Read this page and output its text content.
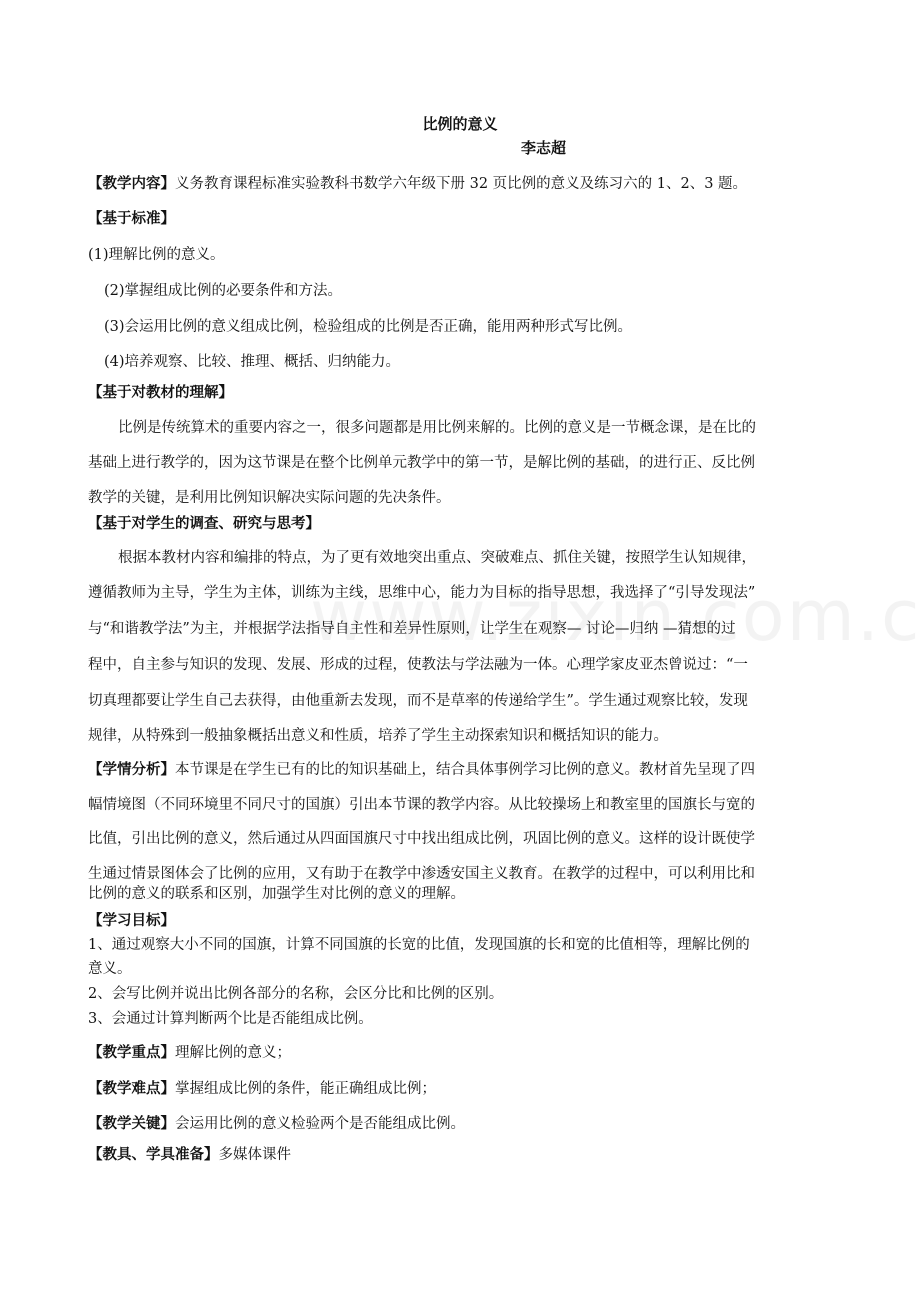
比例的意义
李志超
【教学内容】义务教育课程标准实验教科书数学六年级下册 32 页比例的意义及练习六的 1、2、3 题。
【基于标准】
(1)理解比例的意义。
(2)掌握组成比例的必要条件和方法。
(3)会运用比例的意义组成比例，检验组成的比例是否正确，能用两种形式写比例。
(4)培养观察、比较、推理、概括、归纳能力。
【基于对教材的理解】
比例是传统算术的重要内容之一，很多问题都是用比例来解的。比例的意义是一节概念课，是在比的
基础上进行教学的，因为这节课是在整个比例单元教学中的第一节，是解比例的基础，的进行正、反比例
教学的关键，是利用比例知识解决实际问题的先决条件。
【基于对学生的调查、研究与思考】
根据本教材内容和编排的特点，为了更有效地突出重点、突破难点、抓住关键，按照学生认知规律，
遵循教师为主导，学生为主体，训练为主线，思维中心，能力为目标的指导思想，我选择了“引导发现法”
与“和谐教学法”为主，并根据学法指导自主性和差异性原则，让学生在观察— 讨论—归纳 —猜想的过
程中，自主参与知识的发现、发展、形成的过程，使教法与学法融为一体。心理学家皮亚杰曾说过：“一
切真理都要让学生自己去获得，由他重新去发现，而不是草率的传递给学生”。学生通过观察比较，发现
规律，从特殊到一般抽象概括出意义和性质，培养了学生主动探索知识和概括知识的能力。
【学情分析】本节课是在学生已有的比的知识基础上，结合具体事例学习比例的意义。教材首先呈现了四
幅情境图（不同环境里不同尺寸的国旗）引出本节课的教学内容。从比较操场上和教室里的国旗长与宽的
比值，引出比例的意义，然后通过从四面国旗尺寸中找出组成比例，巩固比例的意义。这样的设计既使学
生通过情景图体会了比例的应用，又有助于在教学中渗透安国主义教育。在教学的过程中，可以利用比和
比例的意义的联系和区别，加强学生对比例的意义的理解。
【学习目标】
1、通过观察大小不同的国旗，计算不同国旗的长宽的比值，发现国旗的长和宽的比值相等，理解比例的
意义。
2、会写比例并说出比例各部分的名称，会区分比和比例的区别。
3、会通过计算判断两个比是否能组成比例。
【教学重点】理解比例的意义；
【教学难点】掌握组成比例的条件，能正确组成比例；
【教学关键】会运用比例的意义检验两个是否能组成比例。
【教具、学具准备】多媒体课件
